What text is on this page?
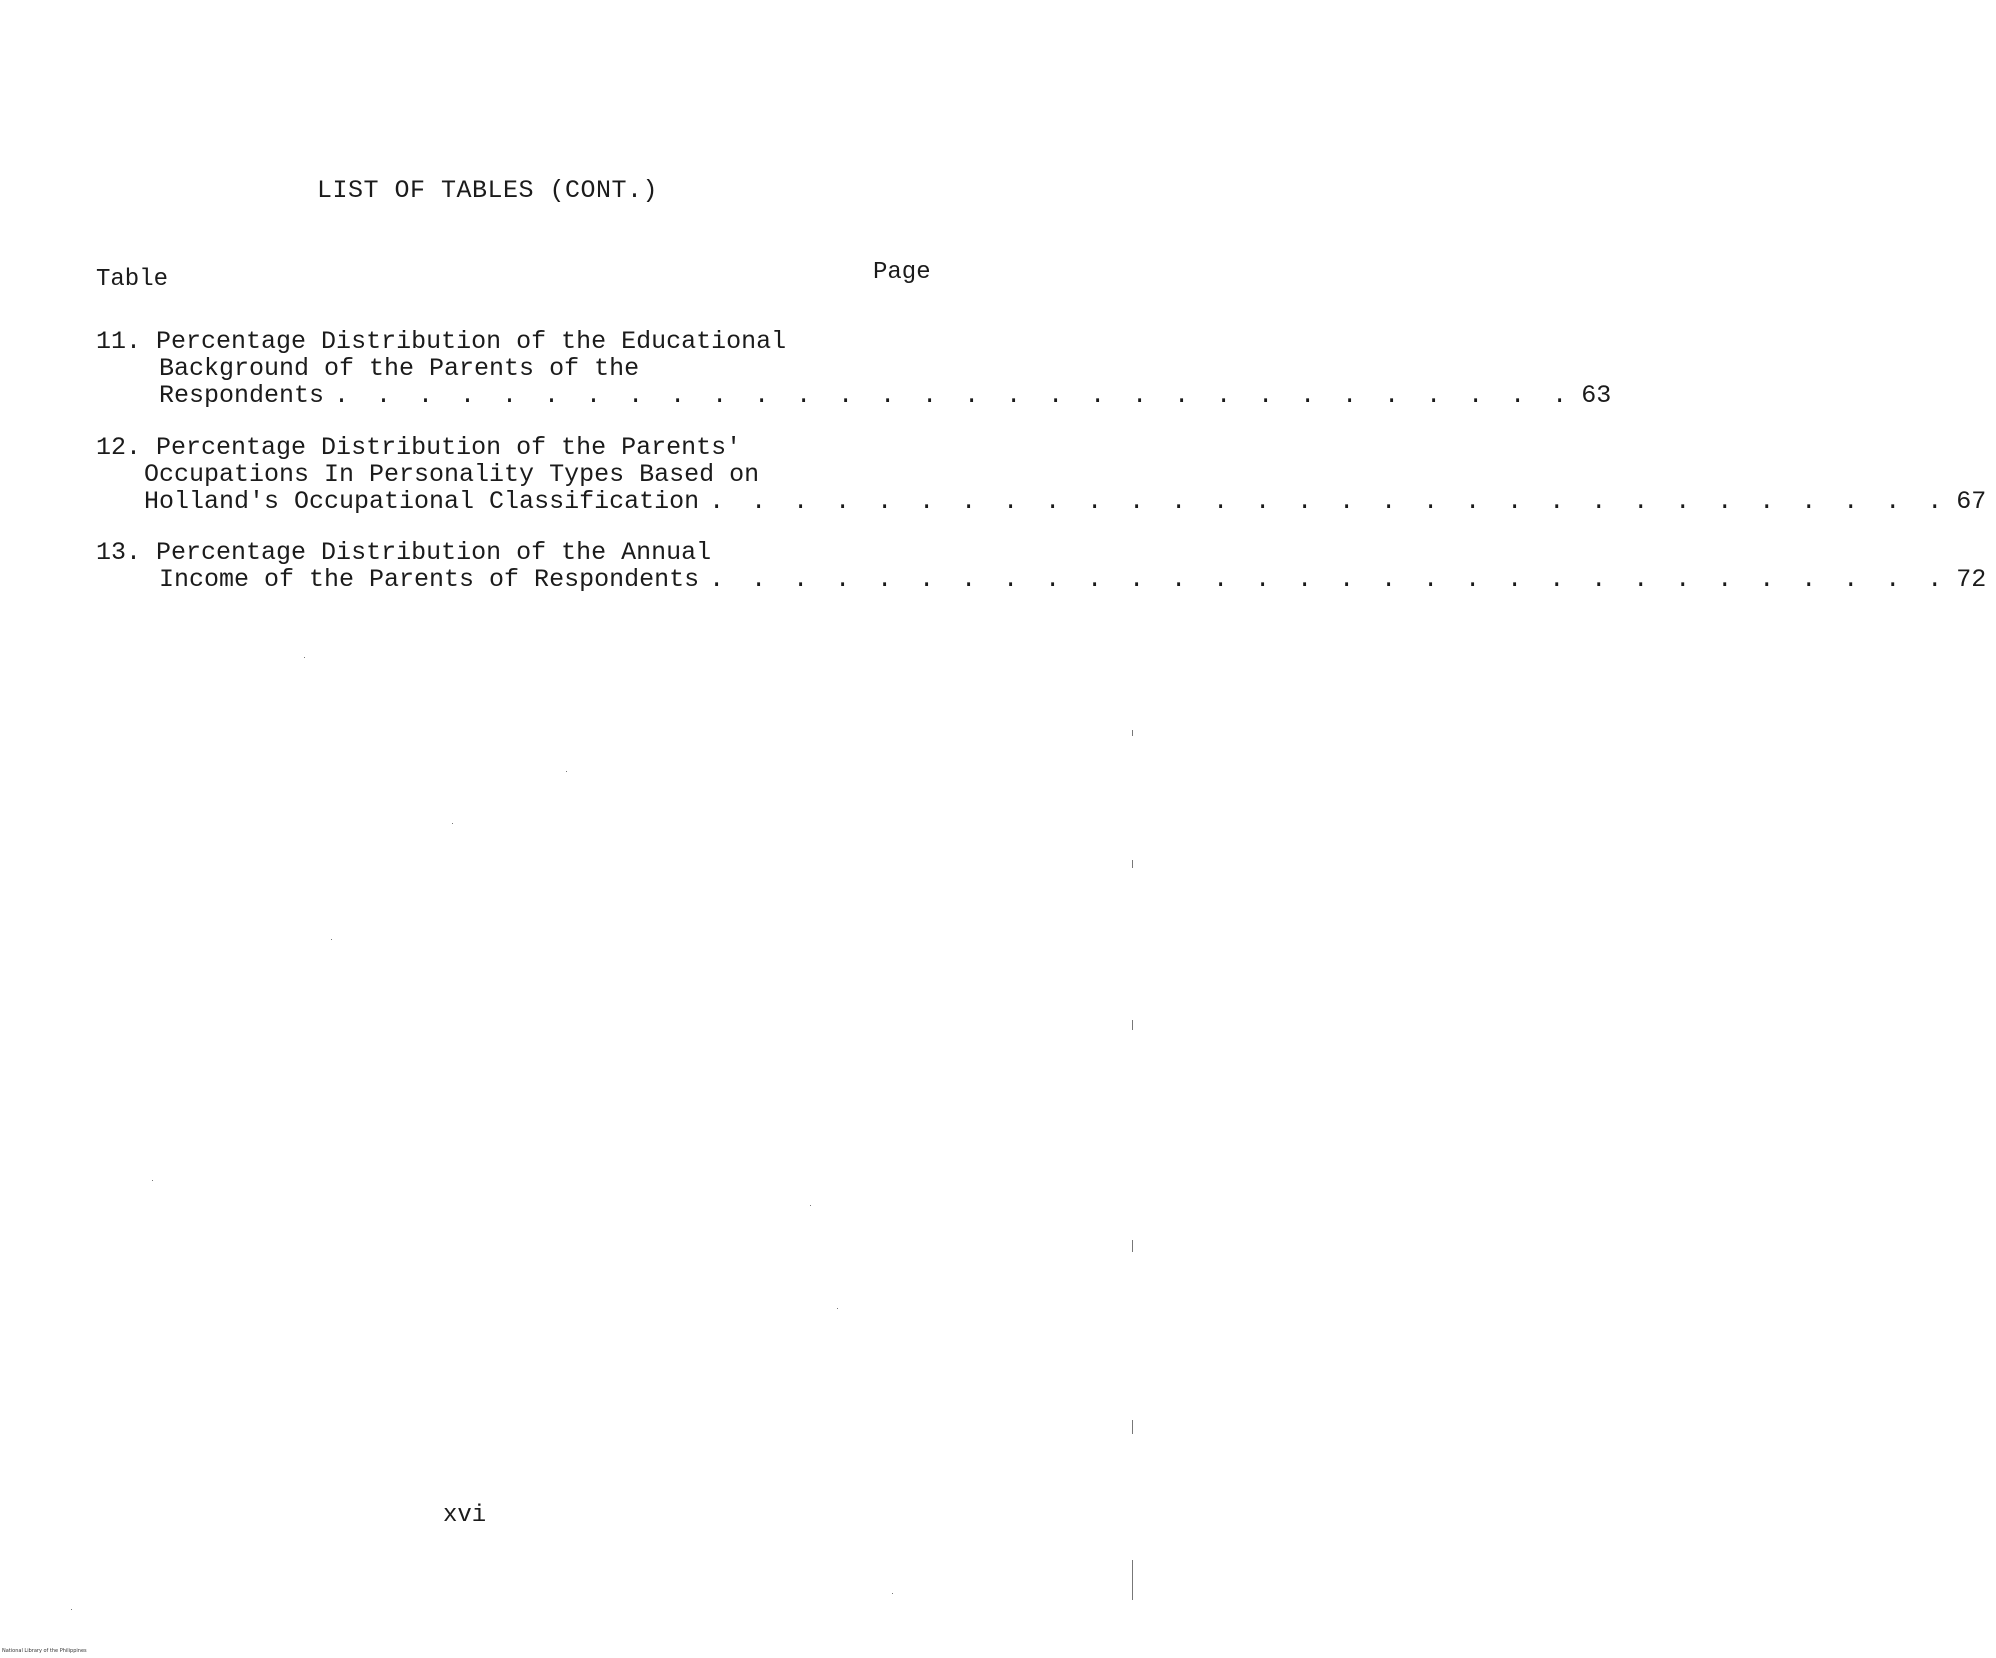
LIST OF TABLES (CONT.)
Table	Page
11. Percentage Distribution of the Educational
Background of the Parents of the
Respondents . . . . . . . . . . . . . . . . . . . . . . . . . . . . . . 63
12. Percentage Distribution of the Parents'
Occupations In Personality Types Based on
Holland's Occupational Classification . . . . . . . . . . . . . . . . . . . . . . . . . . . . . . 67
13. Percentage Distribution of the Annual
Income of the Parents of Respondents . . . . . . . . . . . . . . . . . . . . . . . . . . . . . . 72
xvi
National Library of the Philippines
